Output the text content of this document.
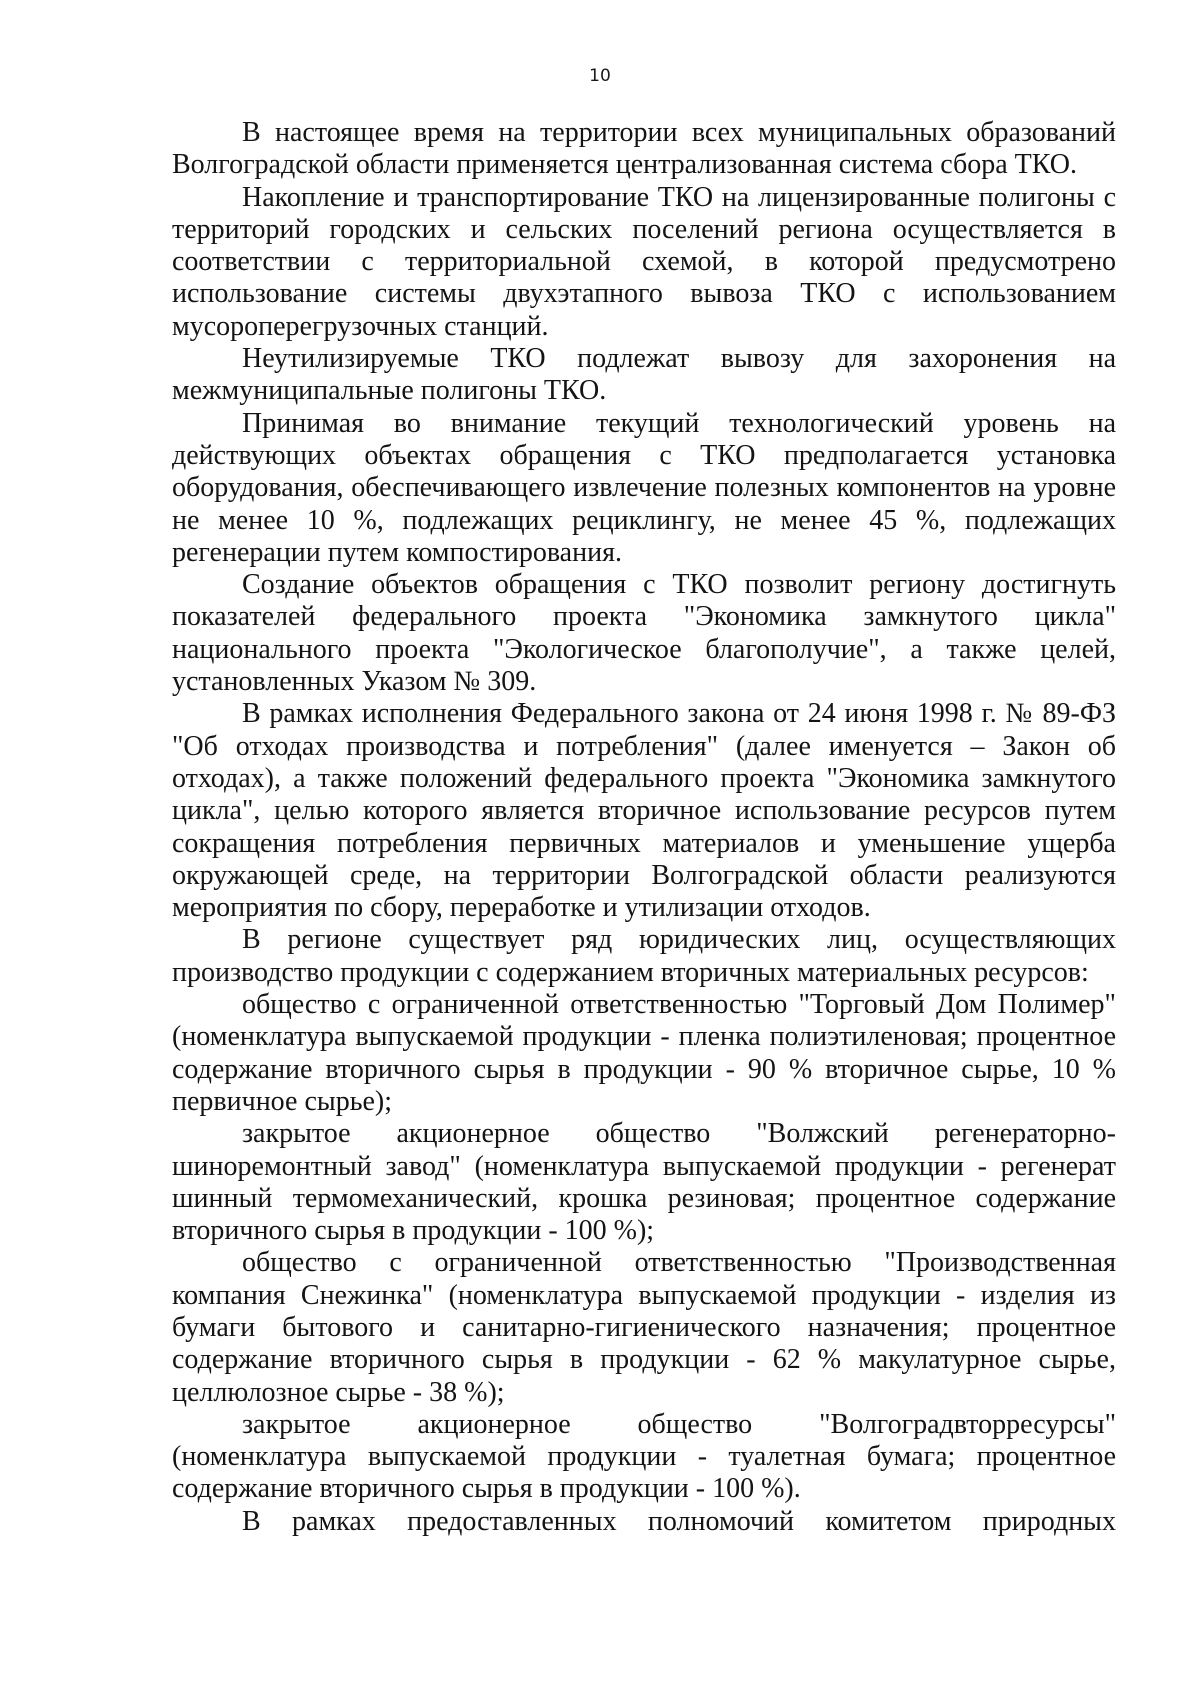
10

В настоящее время на территории всех муниципальных образований Волгоградской области применяется централизованная система сбора ТКО.

Накопление и транспортирование ТКО на лицензированные полигоны с территорий городских и сельских поселений региона осуществляется в соответствии с территориальной схемой, в которой предусмотрено использование системы двухэтапного вывоза ТКО с использованием мусороперегрузочных станций.

Неутилизируемые ТКО подлежат вывозу для захоронения на межмуниципальные полигоны ТКО.

Принимая во внимание текущий технологический уровень на действующих объектах обращения с ТКО предполагается установка оборудования, обеспечивающего извлечение полезных компонентов на уровне не менее 10 %, подлежащих рециклингу, не менее 45 %, подлежащих регенерации путем компостирования.

Создание объектов обращения с ТКО позволит региону достигнуть показателей федерального проекта "Экономика замкнутого цикла" национального проекта "Экологическое благополучие", а также целей, установленных Указом № 309.

В рамках исполнения Федерального закона от 24 июня 1998 г. № 89-ФЗ "Об отходах производства и потребления" (далее именуется – Закон об отходах), а также положений федерального проекта "Экономика замкнутого цикла", целью которого является вторичное использование ресурсов путем сокращения потребления первичных материалов и уменьшение ущерба окружающей среде, на территории Волгоградской области реализуются мероприятия по сбору, переработке и утилизации отходов.

В регионе существует ряд юридических лиц, осуществляющих производство продукции с содержанием вторичных материальных ресурсов:

общество с ограниченной ответственностью "Торговый Дом Полимер" (номенклатура выпускаемой продукции - пленка полиэтиленовая; процентное содержание вторичного сырья в продукции - 90 % вторичное сырье, 10 % первичное сырье);

закрытое акционерное общество "Волжский регенераторно-шиноремонтный завод" (номенклатура выпускаемой продукции - регенерат шинный термомеханический, крошка резиновая; процентное содержание вторичного сырья в продукции - 100 %);

общество с ограниченной ответственностью "Производственная компания Снежинка" (номенклатура выпускаемой продукции - изделия из бумаги бытового и санитарно-гигиенического назначения; процентное содержание вторичного сырья в продукции - 62 % макулатурное сырье, целлюлозное сырье - 38 %);

закрытое акционерное общество "Волгоградвторресурсы" (номенклатура выпускаемой продукции - туалетная бумага; процентное содержание вторичного сырья в продукции - 100 %).

В рамках предоставленных полномочий комитетом природных
